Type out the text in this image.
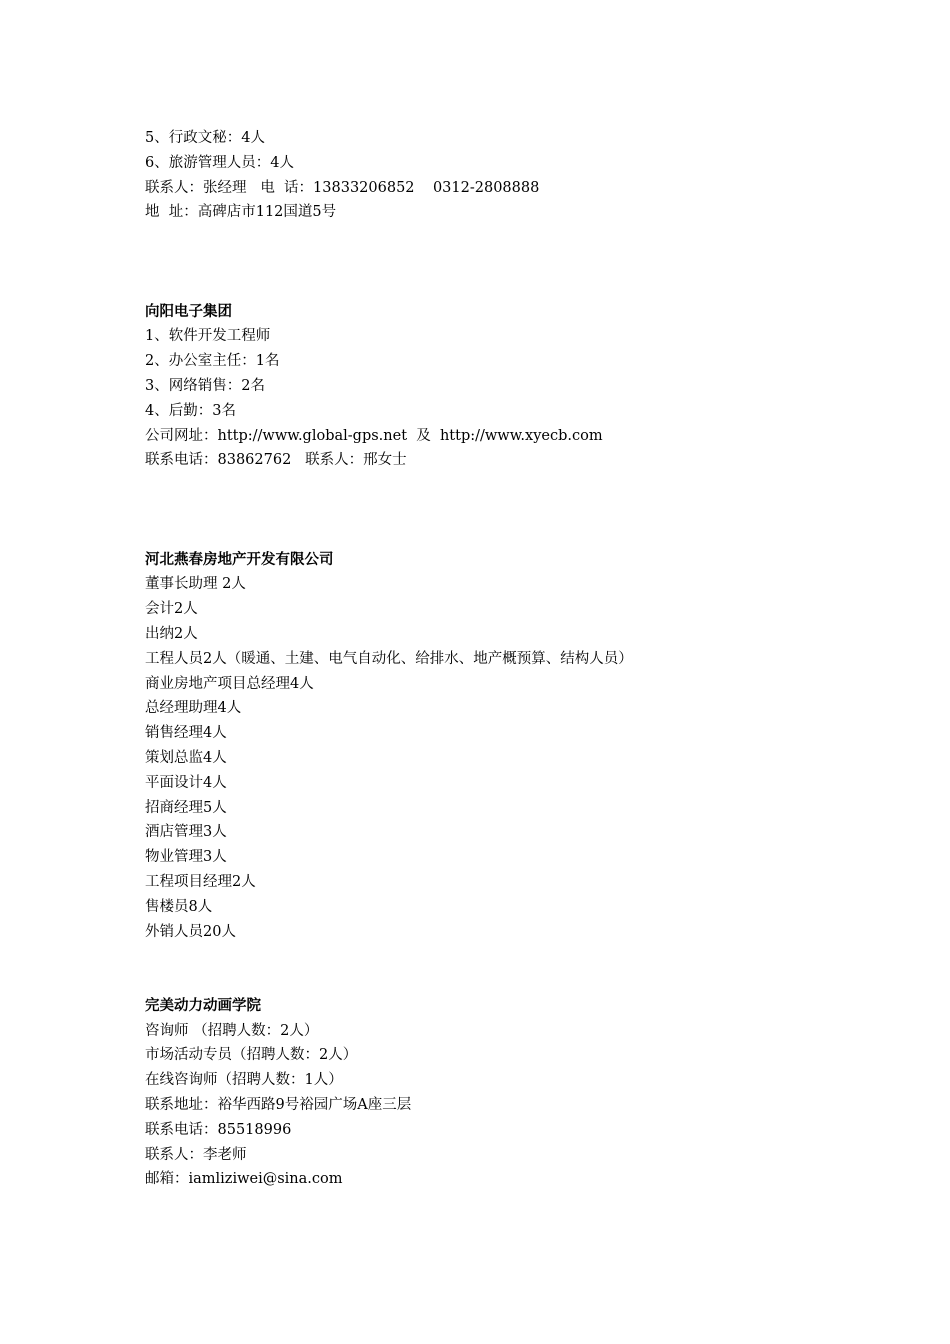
5、行政文秘：4人
6、旅游管理人员：4人
联系人：张经理   电  话：13833206852    0312-2808888
地  址：高碑店市112国道5号
向阳电子集团
1、软件开发工程师
2、办公室主任：1名
3、网络销售：2名
4、后勤：3名
公司网址：http://www.global-gps.net  及  http://www.xyecb.com
联系电话：83862762   联系人：邢女士
河北燕春房地产开发有限公司
董事长助理 2人
会计2人
出纳2人
工程人员2人（暖通、土建、电气自动化、给排水、地产概预算、结构人员）
商业房地产项目总经理4人
总经理助理4人
销售经理4人
策划总监4人
平面设计4人
招商经理5人
酒店管理3人
物业管理3人
工程项目经理2人
售楼员8人
外销人员20人
完美动力动画学院
咨询师 （招聘人数：2人）
市场活动专员（招聘人数：2人）
在线咨询师（招聘人数：1人）
联系地址：裕华西路9号裕园广场A座三层
联系电话：85518996
联系人：李老师
邮箱：iamliziwei@sina.com
